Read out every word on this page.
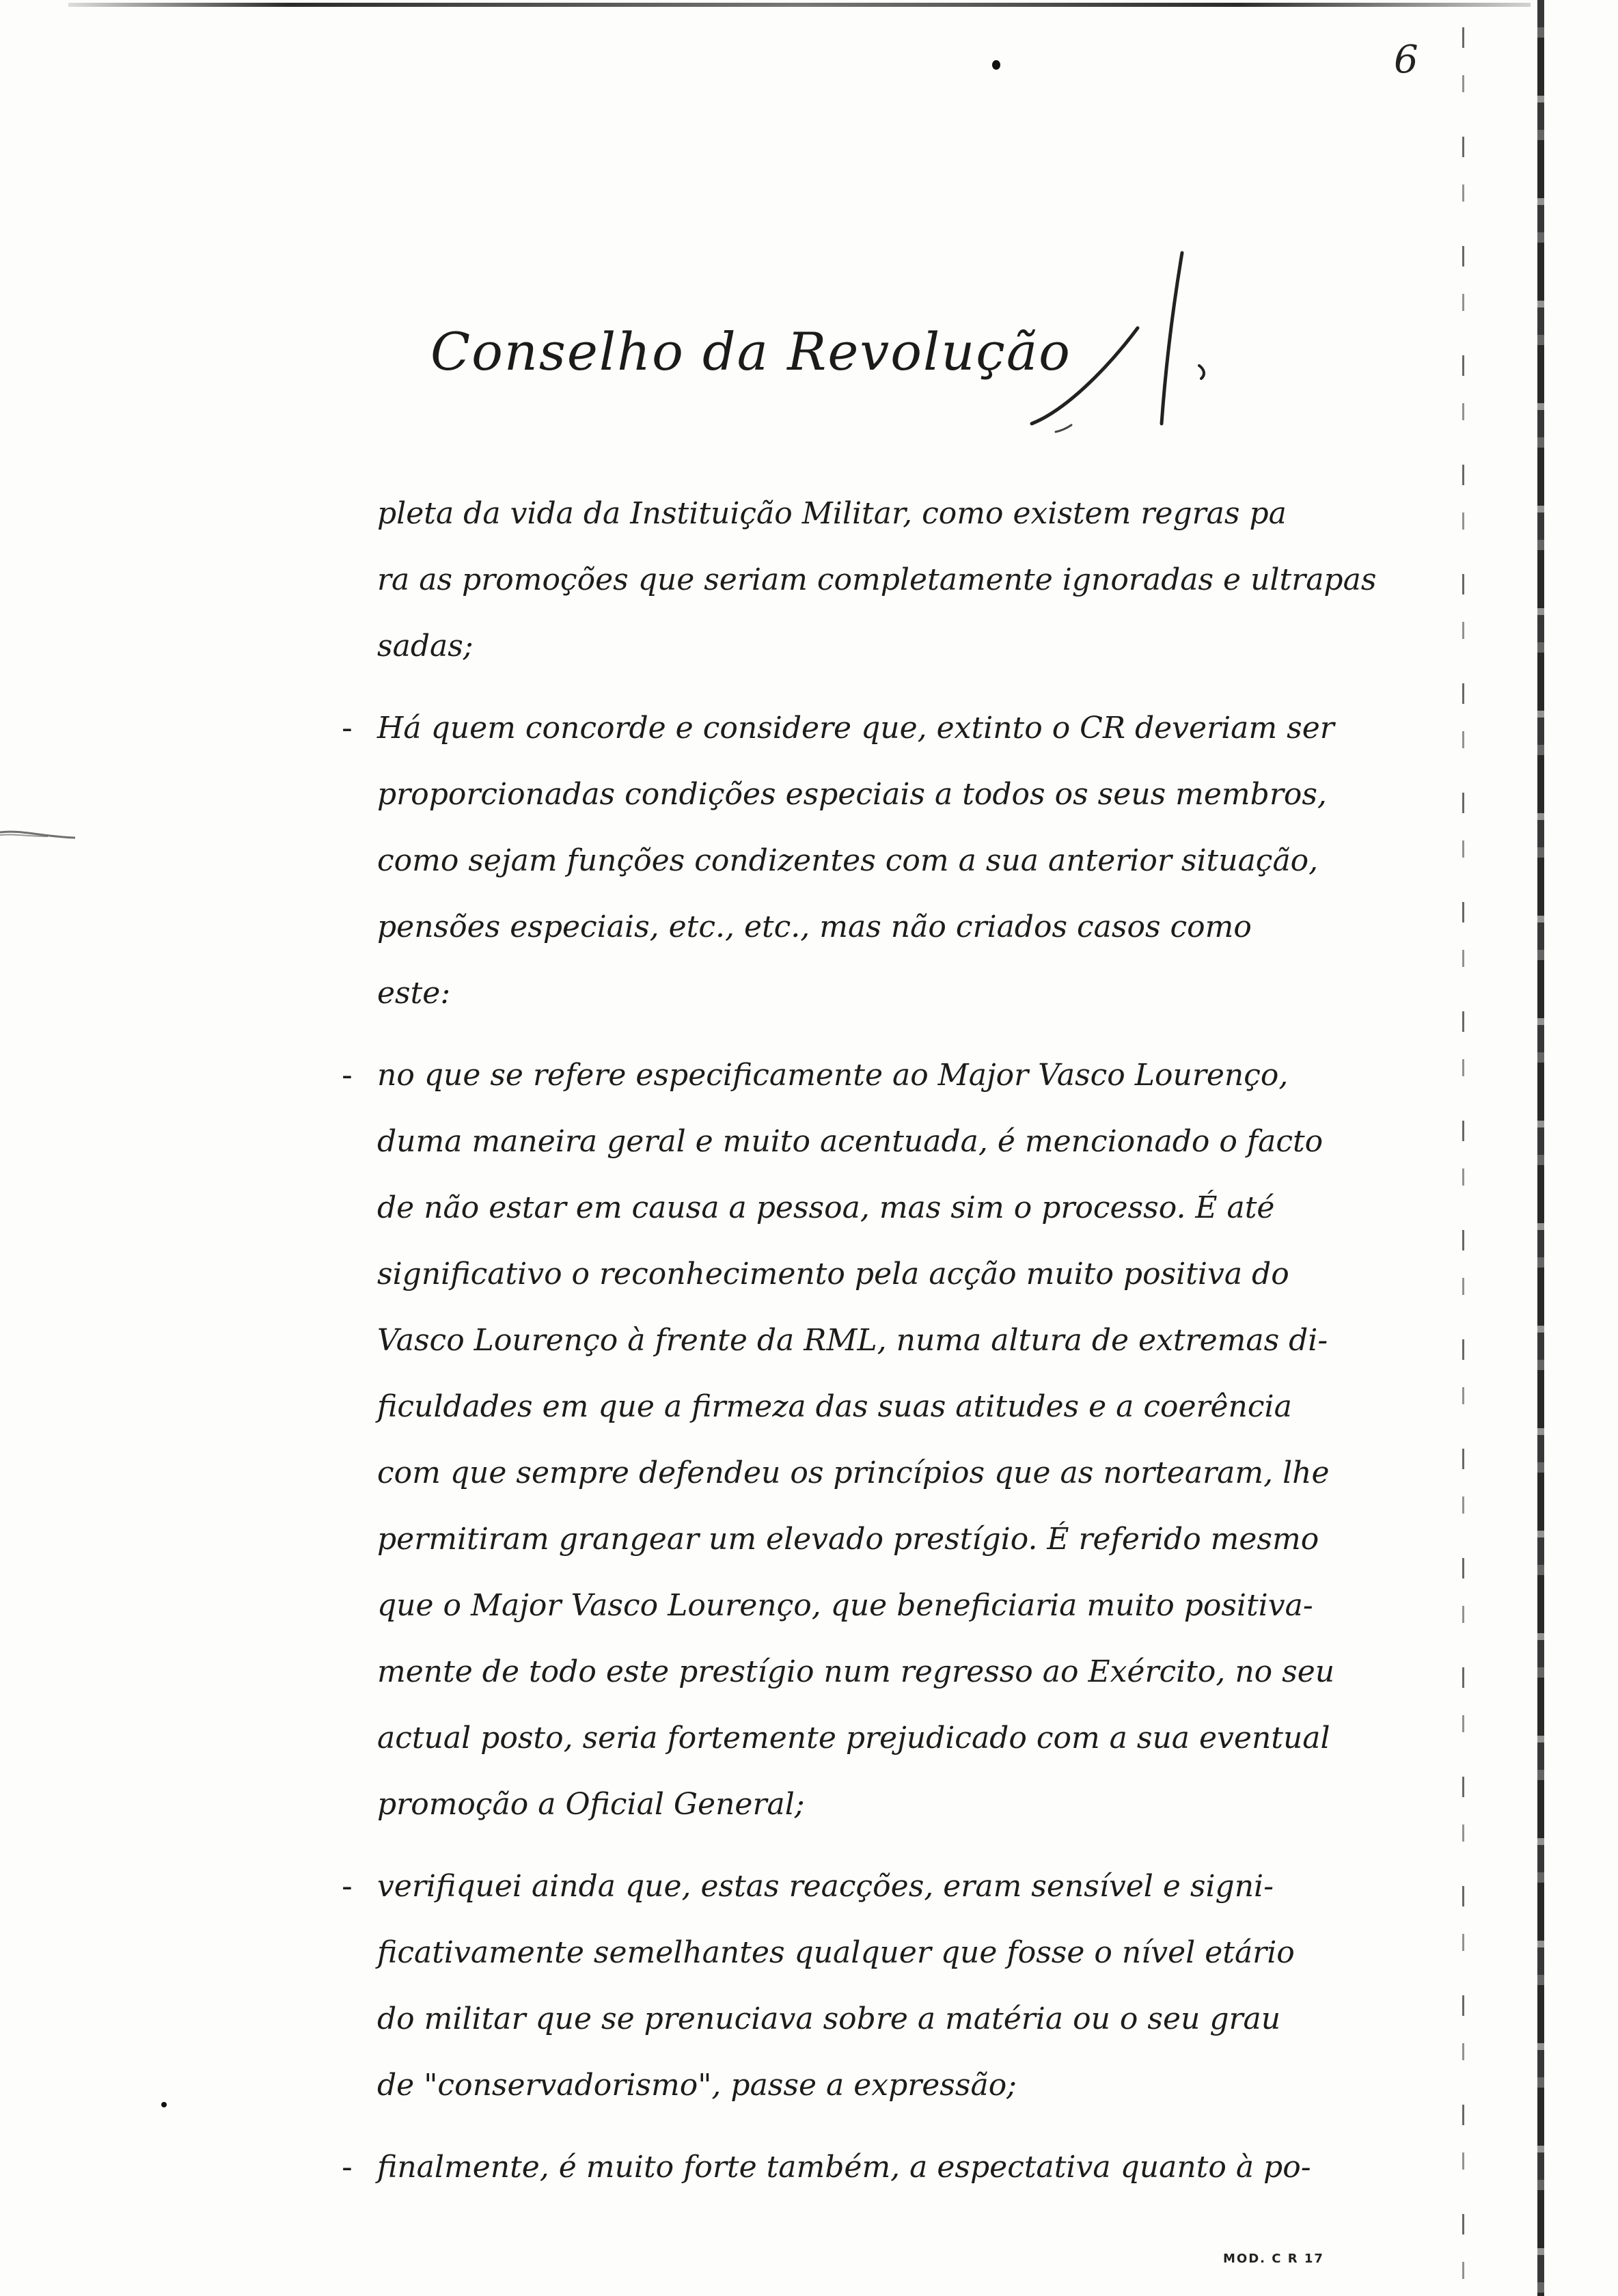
6
Conselho da Revolução
pleta da vida da Instituição Militar, como existem regras pa
ra as promoções que seriam completamente ignoradas e ultrapas
sadas;
- Há quem concorde e considere que, extinto o CR deveriam ser
proporcionadas condições especiais a todos os seus membros,
como sejam funções condizentes com a sua anterior situação,
pensões especiais, etc., etc., mas não criados casos como
este:
- no que se refere especificamente ao Major Vasco Lourenço,
duma maneira geral e muito acentuada, é mencionado o facto
de não estar em causa a pessoa, mas sim o processo. É até
significativo o reconhecimento pela acção muito positiva do
Vasco Lourenço à frente da RML, numa altura de extremas di-
ficuldades em que a firmeza das suas atitudes e a coerência
com que sempre defendeu os princípios que as nortearam, lhe
permitiram grangear um elevado prestígio. É referido mesmo
que o Major Vasco Lourenço, que beneficiaria muito positiva-
mente de todo este prestígio num regresso ao Exército, no seu
actual posto, seria fortemente prejudicado com a sua eventual
promoção a Oficial General;
- verifiquei ainda que, estas reacções, eram sensível e signi-
ficativamente semelhantes qualquer que fosse o nível etário
do militar que se prenuciava sobre a matéria ou o seu grau
de "conservadorismo", passe a expressão;
- finalmente, é muito forte também, a espectativa quanto à po-
MOD. C R 17
